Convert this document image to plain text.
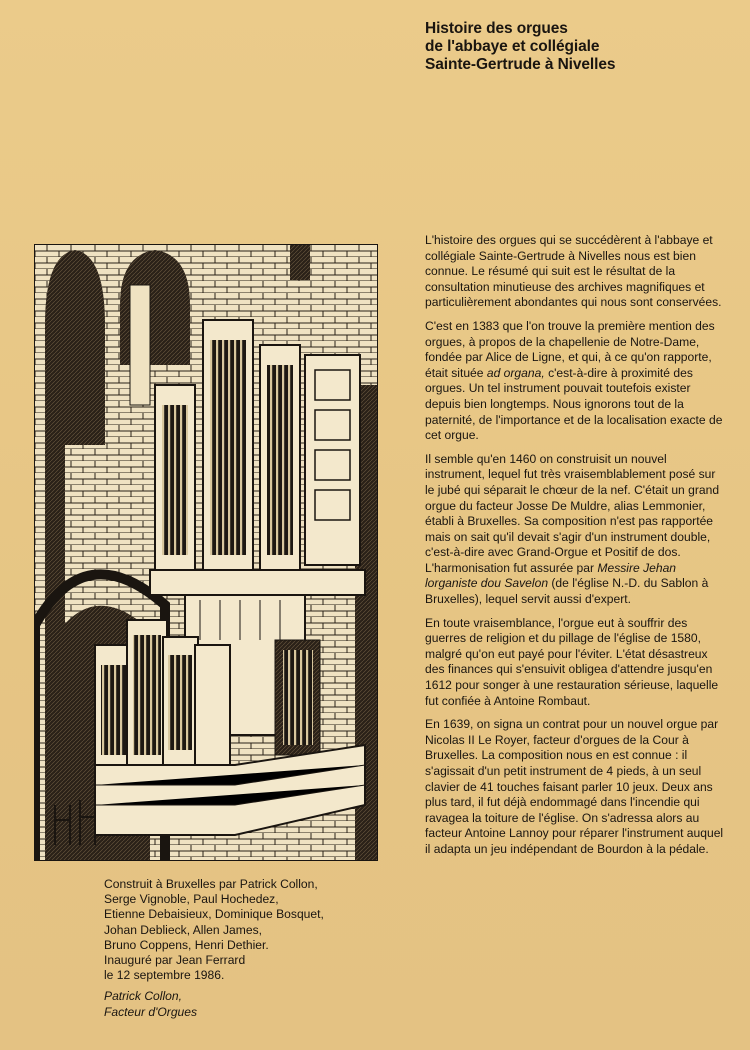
Histoire des orgues
de l'abbaye et collégiale
Sainte-Gertrude à Nivelles

L'histoire des orgues qui se succédèrent à l'abbaye et collégiale Sainte-Gertrude à Nivelles nous est bien connue. Le résumé qui suit est le résultat de la consultation minutieuse des archives magnifiques et particulièrement abondantes qui nous sont conservées.

C'est en 1383 que l'on trouve la première mention des orgues, à propos de la chapellenie de Notre-Dame, fondée par Alice de Ligne, et qui, à ce qu'on rapporte, était située ad organa, c'est-à-dire à proximité des orgues. Un tel instrument pouvait toutefois exister depuis bien longtemps. Nous ignorons tout de la paternité, de l'importance et de la localisation exacte de cet orgue.

Il semble qu'en 1460 on construisit un nouvel instrument, lequel fut très vraisemblablement posé sur le jubé qui séparait le chœur de la nef. C'était un grand orgue du facteur Josse De Muldre, alias Lemmonier, établi à Bruxelles. Sa composition n'est pas rapportée mais on sait qu'il devait s'agir d'un instrument double, c'est-à-dire avec Grand-Orgue et Positif de dos. L'harmonisation fut assurée par Messire Jehan lorganiste dou Savelon (de l'église N.-D. du Sablon à Bruxelles), lequel servit aussi d'expert.

En toute vraisemblance, l'orgue eut à souffrir des guerres de religion et du pillage de l'église de 1580, malgré qu'on eut payé pour l'éviter. L'état désastreux des finances qui s'ensuivit obligea d'attendre jusqu'en 1612 pour songer à une restauration sérieuse, laquelle fut confiée à Antoine Rombaut.

En 1639, on signa un contrat pour un nouvel orgue par Nicolas II Le Royer, facteur d'orgues de la Cour à Bruxelles. La composition nous en est connue : il s'agissait d'un petit instrument de 4 pieds, à un seul clavier de 41 touches faisant parler 10 jeux. Deux ans plus tard, il fut déjà endommagé dans l'incendie qui ravagea la toiture de l'église. On s'adressa alors au facteur Antoine Lannoy pour réparer l'instrument auquel il adapta un jeu indépendant de Bourdon à la pédale.

Construit à Bruxelles par Patrick Collon,
Serge Vignoble, Paul Hochedez,
Etienne Debaisieux, Dominique Bosquet,
Johan Deblieck, Allen James,
Bruno Coppens, Henri Dethier.
Inauguré par Jean Ferrard
le 12 septembre 1986.
Patrick Collon,
Facteur d'Orgues
